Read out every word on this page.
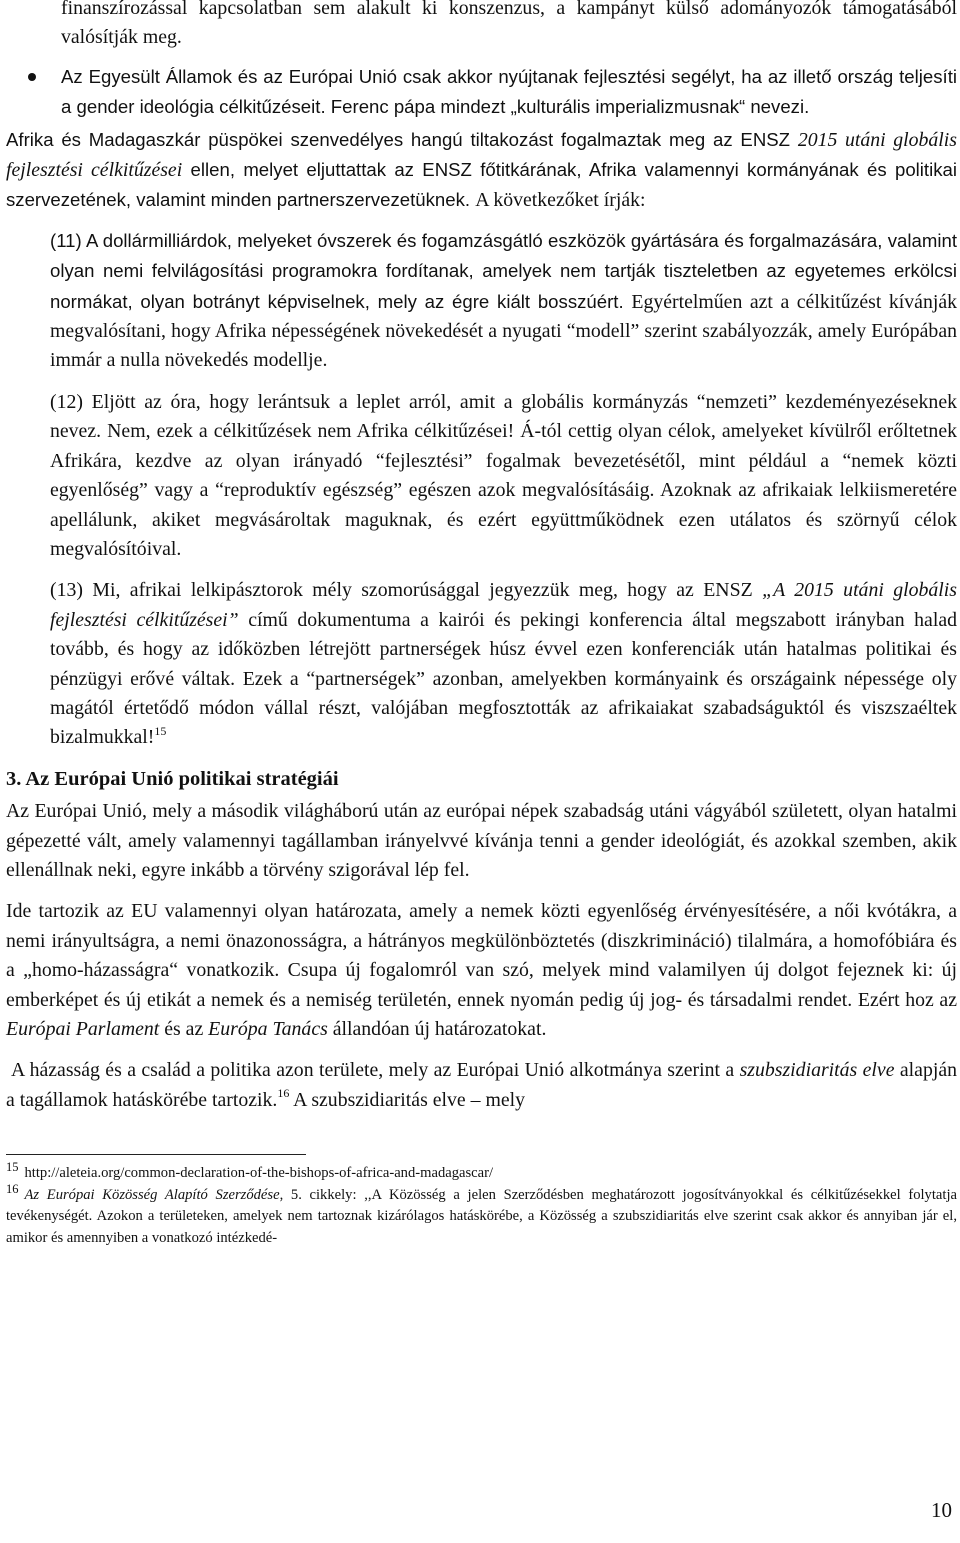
finanszírozással kapcsolatban sem alakult ki konszenzus, a kampányt külső adományozók támogatásából valósítják meg.

Az Egyesült Államok és az Európai Unió csak akkor nyújtanak fejlesztési segélyt, ha az illető ország teljesíti a gender ideológia célkitűzéseit. Ferenc pápa mindezt „kulturális imperializmusnak“ nevezi.

Afrika és Madagaszkár püspökei szenvedélyes hangú tiltakozást fogalmaztak meg az ENSZ 2015 utáni globális fejlesztési célkitűzései ellen, melyet eljuttattak az ENSZ főtitkárának, Afrika valamennyi kormányának és politikai szervezetének, valamint minden partnerszervezetüknek. A következőket írják:

(11) A dollármilliárdok, melyeket óvszerek és fogamzásgátló eszközök gyártására és forgalmazására, valamint olyan nemi felvilágosítási programokra fordítanak, amelyek nem tartják tiszteletben az egyetemes erkölcsi normákat, olyan botrányt képviselnek, mely az égre kiált bosszúért. Egyértelműen azt a célkitűzést kívánják megvalósítani, hogy Afrika népességének növekedését a nyugati “modell” szerint szabályozzák, amely Európában immár a nulla növekedés modellje.

(12) Eljött az óra, hogy lerántsuk a leplet arról, amit a globális kormányzás “nemzeti” kezdeményezéseknek nevez. Nem, ezek a célkitűzések nem Afrika célkitűzései! Á-tól cettig olyan célok, amelyeket kívülről erőltetnek Afrikára, kezdve az olyan irányadó “fejlesztési” fogalmak bevezetésétől, mint például a “nemek közti egyenlőség” vagy a “reproduktív egészség” egészen azok megvalósításáig. Azoknak az afrikaiak lelkiismeretére apellálunk, akiket megvásároltak maguknak, és ezért együttműködnek ezen utálatos és szörnyű célok megvalósítóival.

(13) Mi, afrikai lelkipásztorok mély szomorúsággal jegyezzük meg, hogy az ENSZ „A 2015 utáni globális fejlesztési célkitűzései” című dokumentuma a kairói és pekingi konferencia által megszabott irányban halad tovább, és hogy az időközben létrejött partnerségek húsz évvel ezen konferenciák után hatalmas politikai és pénzügyi erővé váltak. Ezek a “partnerségek” azonban, amelyekben kormányaink és országaink népessége oly magától értetődő módon vállal részt, valójában megfosztották az afrikaiakat szabadságuktól és viszszaéltek bizalmukkal!$^{15}$

3. Az Európai Unió politikai stratégiái

Az Európai Unió, mely a második világháború után az európai népek szabadság utáni vágyából született, olyan hatalmi gépezetté vált, amely valamennyi tagállamban irányelvvé kívánja tenni a gender ideológiát, és azokkal szemben, akik ellenállnak neki, egyre inkább a törvény szigorával lép fel.

Ide tartozik az EU valamennyi olyan határozata, amely a nemek közti egyenlőség érvényesítésére, a női kvótákra, a nemi irányultságra, a nemi önazonosságra, a hátrányos megkülönböztetés (diszkrimináció) tilalmára, a homofóbiára és a „homo-házasságra“ vonatkozik. Csupa új fogalomról van szó, melyek mind valamilyen új dolgot fejeznek ki: új emberképet és új etikát a nemek és a nemiség területén, ennek nyomán pedig új jog- és társadalmi rendet. Ezért hoz az Európai Parlament és az Európa Tanács állandóan új határozatokat.

A házasság és a család a politika azon területe, mely az Európai Unió alkotmánya szerint a szubszidiaritás elve alapján a tagállamok hatáskörébe tartozik.$^{16}$ A szubszidiaritás elve – mely

15 http://aleteia.org/common-declaration-of-the-bishops-of-africa-and-madagascar/

16 Az Európai Közösség Alapító Szerződése, 5. cikkely: ,,A Közösség a jelen Szerződésben meghatározott jogosítványokkal és célkitűzésekkel folytatja tevékenységét. Azokon a területeken, amelyek nem tartoznak kizárólagos hatáskörébe, a Közösség a szubszidiaritás elve szerint csak akkor és annyiban jár el, amikor és amennyiben a vonatkozó intézkedé-

10
